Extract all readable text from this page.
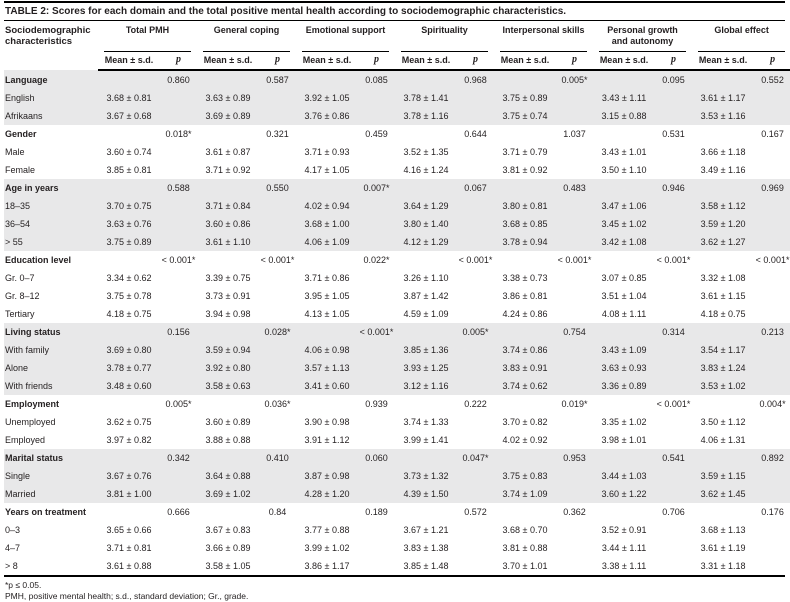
TABLE 2: Scores for each domain and the total positive mental health according to sociodemographic characteristics.
Sociodemographic characteristics	Total PMH		General coping		Emotional support		Spirituality		Interpersonal skills		Personal growth and autonomy		Global effect	

	Mean ± s.d.	p	Mean ± s.d.	p	Mean ± s.d.	p	Mean ± s.d.	p	Mean ± s.d.	p	Mean ± s.d.	p	Mean ± s.d.	p
Language		0.860		0.587		0.085		0.968		0.005*		0.095		0.552
English	3.68 ± 0.81		3.63 ± 0.89		3.92 ± 1.05		3.78 ± 1.41		3.75 ± 0.89		3.43 ± 1.11		3.61 ± 1.17	
Afrikaans	3.67 ± 0.68		3.69 ± 0.89		3.76 ± 0.86		3.78 ± 1.16		3.75 ± 0.74		3.15 ± 0.88		3.53 ± 1.16	
Gender		0.018*		0.321		0.459		0.644		1.037		0.531		0.167
Male	3.60 ± 0.74		3.61 ± 0.87		3.71 ± 0.93		3.52 ± 1.35		3.71 ± 0.79		3.43 ± 1.01		3.66 ± 1.18	
Female	3.85 ± 0.81		3.71 ± 0.92		4.17 ± 1.05		4.16 ± 1.24		3.81 ± 0.92		3.50 ± 1.10		3.49 ± 1.16	
Age in years		0.588		0.550		0.007*		0.067		0.483		0.946		0.969
18–35	3.70 ± 0.75		3.71 ± 0.84		4.02 ± 0.94		3.64 ± 1.29		3.80 ± 0.81		3.47 ± 1.06		3.58 ± 1.12	
36–54	3.63 ± 0.76		3.60 ± 0.86		3.68 ± 1.00		3.80 ± 1.40		3.68 ± 0.85		3.45 ± 1.02		3.59 ± 1.20	
> 55	3.75 ± 0.89		3.61 ± 1.10		4.06 ± 1.09		4.12 ± 1.29		3.78 ± 0.94		3.42 ± 1.08		3.62 ± 1.27	
Education level		< 0.001*		< 0.001*		0.022*		< 0.001*		< 0.001*		< 0.001*		< 0.001*
Gr. 0–7	3.34 ± 0.62		3.39 ± 0.75		3.71 ± 0.86		3.26 ± 1.10		3.38 ± 0.73		3.07 ± 0.85		3.32 ± 1.08	
Gr. 8–12	3.75 ± 0.78		3.73 ± 0.91		3.95 ± 1.05		3.87 ± 1.42		3.86 ± 0.81		3.51 ± 1.04		3.61 ± 1.15	
Tertiary	4.18 ± 0.75		3.94 ± 0.98		4.13 ± 1.05		4.59 ± 1.09		4.24 ± 0.86		4.08 ± 1.11		4.18 ± 0.75	
Living status		0.156		0.028*		< 0.001*		0.005*		0.754		0.314		0.213
With family	3.69 ± 0.80		3.59 ± 0.94		4.06 ± 0.98		3.85 ± 1.36		3.74 ± 0.86		3.43 ± 1.09		3.54 ± 1.17	
Alone	3.78 ± 0.77		3.92 ± 0.80		3.57 ± 1.13		3.93 ± 1.25		3.83 ± 0.91		3.63 ± 0.93		3.83 ± 1.24	
With friends	3.48 ± 0.60		3.58 ± 0.63		3.41 ± 0.60		3.12 ± 1.16		3.74 ± 0.62		3.36 ± 0.89		3.53 ± 1.02	
Employment		0.005*		0.036*		0.939		0.222		0.019*		< 0.001*		0.004*
Unemployed	3.62 ± 0.75		3.60 ± 0.89		3.90 ± 0.98		3.74 ± 1.33		3.70 ± 0.82		3.35 ± 1.02		3.50 ± 1.12	
Employed	3.97 ± 0.82		3.88 ± 0.88		3.91 ± 1.12		3.99 ± 1.41		4.02 ± 0.92		3.98 ± 1.01		4.06 ± 1.31	
Marital status		0.342		0.410		0.060		0.047*		0.953		0.541		0.892
Single	3.67 ± 0.76		3.64 ± 0.88		3.87 ± 0.98		3.73 ± 1.32		3.75 ± 0.83		3.44 ± 1.03		3.59 ± 1.15	
Married	3.81 ± 1.00		3.69 ± 1.02		4.28 ± 1.20		4.39 ± 1.50		3.74 ± 1.09		3.60 ± 1.22		3.62 ± 1.45	
Years on treatment		0.666		0.84		0.189		0.572		0.362		0.706		0.176
0–3	3.65 ± 0.66		3.67 ± 0.83		3.77 ± 0.88		3.67 ± 1.21		3.68 ± 0.70		3.52 ± 0.91		3.68 ± 1.13	
4–7	3.71 ± 0.81		3.66 ± 0.89		3.99 ± 1.02		3.83 ± 1.38		3.81 ± 0.88		3.44 ± 1.11		3.61 ± 1.19	
> 8	3.61 ± 0.88		3.58 ± 1.05		3.86 ± 1.17		3.85 ± 1.48		3.70 ± 1.01		3.38 ± 1.11		3.31 ± 1.18	
*p ≤ 0.05.
PMH, positive mental health; s.d., standard deviation; Gr., grade.
